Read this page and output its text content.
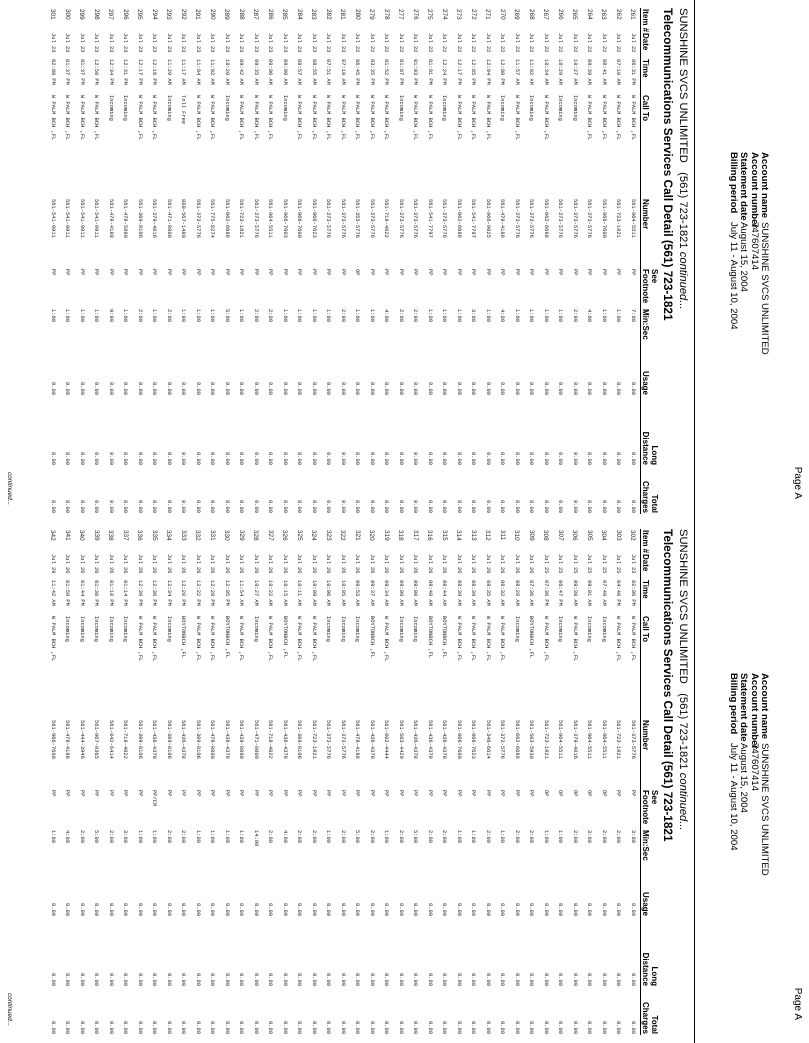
Account name
SUNSHINE SVCS UNLIMITED
Account number
747607414
Statement date
August 15, 2004
Billing period
July 11 - August 10, 2004
Page A
SUNSHINE SVCS UNLIMITED   (561) 723-1821 continued...
Telecommunications Services Call Detail (561) 723-1821
					See			Long	Total
Item #	Date	Time	Call To	Number	Footnote	Min:Sec	Usage	Distance	Charges
261	Jul 22	06:31 PM	W PALM BCH ,FL	561-964-5511	PP	7:00	0.00	0.00	0.00
262	Jul 22	07:10 AM	W PALM BCH ,FL	561-723-1821	PP	1:00	0.00	0.00	0.00
263	Jul 22	08:41 AM	W PALM BCH ,FL	561-966-7600	PP	1:00	0.00	0.00	0.00
264	Jul 22	09:39 AM	W PALM BCH ,FL	561-373-5776	PP	4:00	0.00	0.00	0.00
265	Jul 22	10:27 AM	Incoming	561-373-5776	PP	2:00	0.00	0.00	0.00
266	Jul 22	10:29 AM	Incoming	561-373-5776	PP	1:00	0.00	0.00	0.00
267	Jul 22	10:34 AM	W PALM BCH ,FL	561-662-6688	PP	1:00	0.00	0.00	0.00
268	Jul 22	11:02 AM	Incoming	561-373-5776	PP	1:00	0.00	0.00	0.00
269	Jul 22	11:57 AM	W PALM BCH ,FL	561-373-5776	PP	1:00	0.00	0.00	0.00
270	Jul 22	12:00 PM	Incoming	561-478-4188	PP	4:00	0.00	0.00	0.00
271	Jul 22	12:04 PM	W PALM BCH ,FL	561-966-9025	PP	1:00	0.00	0.00	0.00
272	Jul 22	12:05 PM	W PALM BCH ,FL	561-541-7797	PP	3:00	0.00	0.00	0.00
273	Jul 22	12:17 PM	W PALM BCH ,FL	561-662-6688	PP	1:00	0.00	0.00	0.00
274	Jul 22	12:24 PM	Incoming	561-373-5776	PP	1:00	0.00	0.00	0.00
275	Jul 22	01:01 PM	W PALM BCH ,FL	561-541-7797	PP	1:00	0.00	0.00	0.00
276	Jul 22	01:03 PM	W PALM BCH ,FL	561-373-5776	PP	2:00	0.00	0.00	0.00
277	Jul 22	01:07 PM	Incoming	561-373-5776	PP	2:00	0.00	0.00	0.00
278	Jul 22	01:52 PM	W PALM BCH ,FL	561-718-4022	PP	4:00	0.00	0.00	0.00
279	Jul 22	03:35 PM	W PALM BCH ,FL	561-373-5776	PP	1:00	0.00	0.00	0.00
280	Jul 22	06:45 PM	W PALM BCH ,FL	561-355-5776	OP	1:00	0.00	0.00	0.00
281	Jul 23	07:10 AM	W PALM BCH ,FL	561-373-5776	PP	2:00	0.00	0.00	0.00
282	Jul 23	07:51 AM	W PALM BCH ,FL	561-373-5776	PP	1:00	0.00	0.00	0.00
283	Jul 23	08:55 AM	W PALM BCH ,FL	561-966-7623	PP	1:00	0.00	0.00	0.00
284	Jul 23	08:57 AM	W PALM BCH ,FL	561-966-7600	PP	1:00	0.00	0.00	0.00
285	Jul 23	09:00 AM	Incoming	561-966-7603	PP	1:00	0.00	0.00	0.00
286	Jul 23	09:06 AM	W PALM BCH ,FL	561-964-5511	PP	2:00	0.00	0.00	0.00
287	Jul 23	09:35 AM	W PALM BCH ,FL	561-373-5776	PP	2:00	0.00	0.00	0.00
288	Jul 23	09:42 AM	W PALM BCH ,FL	561-723-1821	PP	1:00	0.00	0.00	0.00
289	Jul 23	10:20 AM	Incoming	561-662-6688	PP	5:00	0.00	0.00	0.00
290	Jul 23	11:02 AM	W PALM BCH ,FL	561-775-8274	PP	1:00	0.00	0.00	0.00
291	Jul 23	11:04 AM	W PALM BCH ,FL	561-373-5776	PP	1:00	0.00	0.00	0.00
292	Jul 23	11:17 AM	Toll Free	800-567-1480	PP	1:00	0.00	0.00	0.00
293	Jul 23	11:29 AM	Incoming	561-471-8000	PP	2:00	0.00	0.00	0.00
294	Jul 23	12:16 PM	W PALM BCH ,FL	561-379-4816	PP	1:00	0.00	0.00	0.00
295	Jul 23	12:17 PM	W PALM BCH ,FL	561-309-8106	PP	2:00	0.00	0.00	0.00
296	Jul 23	12:31 PM	Incoming	561-478-5890	PP	1:00	0.00	0.00	0.00
297	Jul 23	12:34 PM	Incoming	561-478-4188	PP	9:00	0.00	0.00	0.00
298	Jul 23	12:50 PM	W PALM BCH ,FL	561-541-9911	PP	1:00	0.00	0.00	0.00
299	Jul 23	01:37 PM	W PALM BCH ,FL	561-541-9911	PP	1:00	0.00	0.00	0.00
300	Jul 23	01:37 PM	W PALM BCH ,FL	561-541-9911	PP	1:00	0.00	0.00	0.00
301	Jul 23	02:00 PM	W PALM BCH ,FL	561-541-9911	PP	1:00	0.00	0.00	0.00
continued...
Account name
SUNSHINE SVCS UNLIMITED
Account number
747607414
Statement date
August 15, 2004
Billing period
July 11 - August 10, 2004
Page A
SUNSHINE SVCS UNLIMITED   (561) 723-1821 continued...
Telecommunications Services Call Detail (561) 723-1821
					See			Long	Total
Item #	Date	Time	Call To	Number	Footnote	Min:Sec	Usage	Distance	Charges
302	Jul 23	02:06 PM	W PALM BCH ,FL	561-373-5776	PP	3:00	0.00	0.00	0.00
303	Jul 25	04:40 PM	W PALM BCH ,FL	561-723-1821	PP	2:00	0.00	0.00	0.00
304	Jul 25	07:49 AM	Incoming	561-964-5511	OP	2:00	0.00	0.00	0.00
305	Jul 25	09:01 AM	Incoming	561-964-5511	OP	3:00	0.00	0.00	0.00
306	Jul 25	09:30 AM	W PALM BCH ,FL	561-379-4816	OP	2:00	0.00	0.00	0.00
307	Jul 25	06:47 PM	Incoming	561-964-5511	OP	1:00	0.00	0.00	0.00
308	Jul 25	07:36 PM	W PALM BCH ,FL	561-723-1821	OP	1:00	0.00	0.00	0.00
309	Jul 26	07:36 AM	BOYTONBCH ,FL	561-503-5930	PP	2:00	0.00	0.00	0.00
310	Jul 26	08:28 AM	Incoming	561-662-6688	PP	2:00	0.00	0.00	0.00
311	Jul 26	08:32 AM	W PALM BCH ,FL	561-373-5776	PP	1:00	0.00	0.00	0.00
312	Jul 26	08:35 AM	W PALM BCH ,FL	561-346-6614	PP	2:00	0.00	0.00	0.00
313	Jul 26	08:39 AM	W PALM BCH ,FL	561-966-7623	PP	1:00	0.00	0.00	0.00
314	Jul 26	08:39 AM	W PALM BCH ,FL	561-966-7600	PP	1:00	0.00	0.00	0.00
315	Jul 26	08:44 AM	BOYTONBCH ,FL	561-436-4378	PP	2:00	0.00	0.00	0.00
316	Jul 26	08:48 AM	BOYTONBCH ,FL	561-436-4378	PP	2:00	0.00	0.00	0.00
317	Jul 26	09:00 AM	Incoming	561-436-4378	PP	5:00	0.00	0.00	0.00
318	Jul 26	09:09 AM	Incoming	561-503-4429	PP	2:00	0.00	0.00	0.00
319	Jul 26	09:34 AM	W PALM BCH ,FL	561-802-4444	PP	1:00	0.00	0.00	0.00
320	Jul 26	09:37 AM	BOYTONBCH ,FL	561-436-4378	PP	2:00	0.00	0.00	0.00
321	Jul 26	09:53 AM	Incoming	561-478-4188	PP	5:00	0.00	0.00	0.00
322	Jul 26	10:05 AM	Incoming	561-373-5776	PP	2:00	0.00	0.00	0.00
323	Jul 26	10:06 AM	Incoming	561-373-5776	PP	1:00	0.00	0.00	0.00
324	Jul 26	10:09 AM	W PALM BCH ,FL	561-723-1821	PP	2:00	0.00	0.00	0.00
325	Jul 26	10:11 AM	W PALM BCH ,FL	561-309-8106	PP	2:00	0.00	0.00	0.00
326	Jul 26	10:15 AM	BOYTONBCH ,FL	561-436-4378	PP	4:00	0.00	0.00	0.00
327	Jul 26	10:22 AM	W PALM BCH ,FL	561-718-4022	PP	2:00	0.00	0.00	0.00
328	Jul 26	10:27 AM	Incoming	561-471-8000	PP	14:00	0.00	0.00	0.00
329	Jul 26	11:54 AM	W PALM BCH ,FL	561-439-8000	PP	1:00	0.00	0.00	0.00
330	Jul 26	12:05 PM	BOYTONBCH ,FL	561-436-4378	PP	1:00	0.00	0.00	0.00
331	Jul 26	12:20 PM	W PALM BCH ,FL	561-478-8000	PP	1:00	0.00	0.00	0.00
332	Jul 26	12:22 PM	W PALM BCH ,FL	561-309-8106	PP	1:00	0.00	0.00	0.00
333	Jul 26	12:28 PM	BOYTONBCH ,FL	561-436-4378	PP	2:00	0.00	0.00	0.00
334	Jul 26	12:34 PM	Incoming	561-309-8106	PP	2:00	0.00	0.00	0.00
335	Jul 26	12:36 PM	W PALM BCH ,FL	561-436-4378	PP/CM	1:00	0.00	0.00	0.00
336	Jul 26	12:39 PM	W PALM BCH ,FL	561-309-8106	PP	1:00	0.00	0.00	0.00
337	Jul 26	01:14 PM	Incoming	561-718-4022	PP	3:00	0.00	0.00	0.00
338	Jul 26	01:18 PM	Incoming	561-842-6414	PP	2:00	0.00	0.00	0.00
339	Jul 26	01:30 PM	Incoming	561-967-9365	PP	5:00	0.00	0.00	0.00
340	Jul 26	01:44 PM	Incoming	561-444-3946	PP	2:00	0.00	0.00	0.00
341	Jul 26	01:59 PM	Incoming	561-478-4188	PP	4:00	0.00	0.00	0.00
342	Jul 29	11:42 AM	W PALM BCH ,FL	561-966-7600	PP	1:00	0.00	0.00	0.00
continued...
